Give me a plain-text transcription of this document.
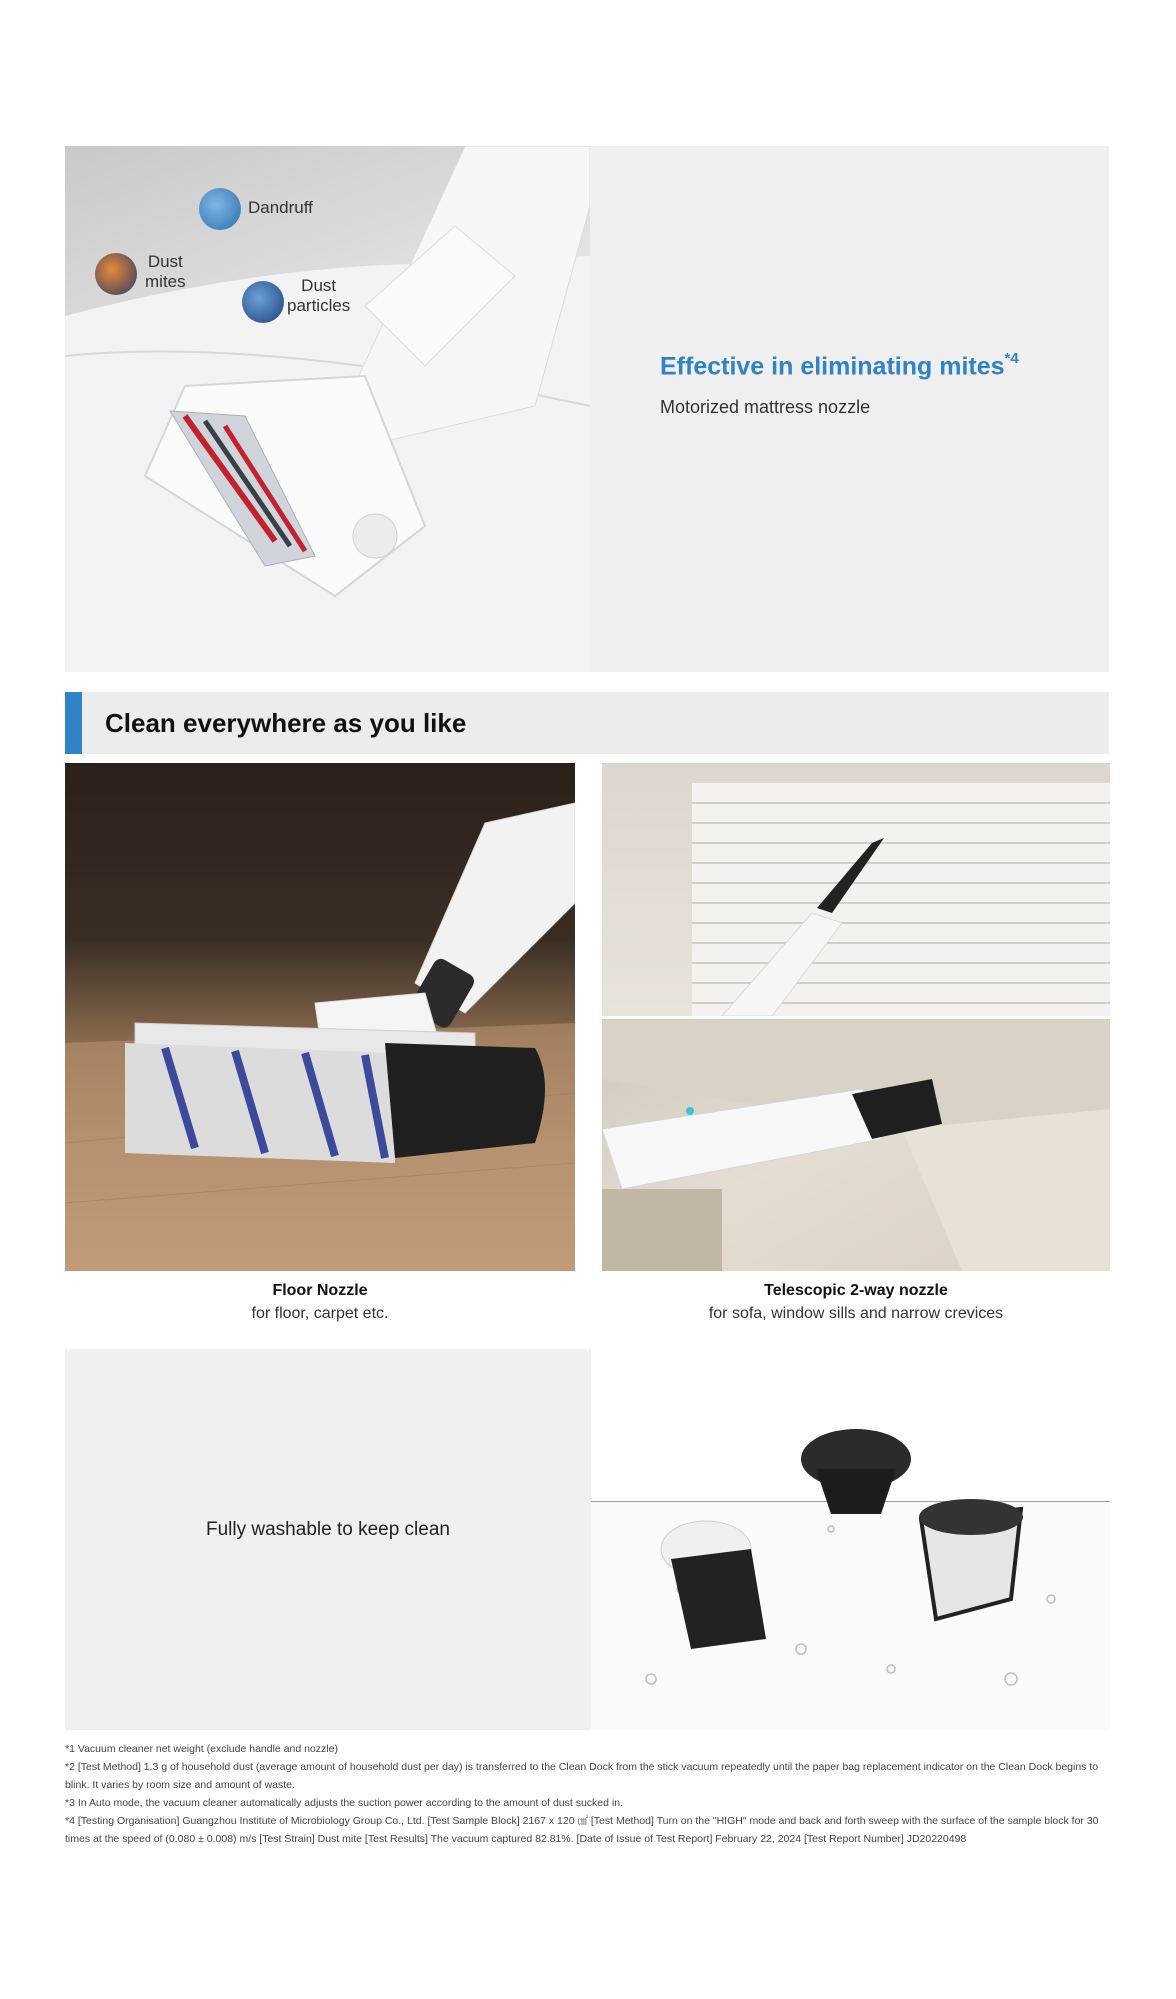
Dandruff
Dust
mites	Dust
particles
Effective in eliminating mites$^{*4}$
Motorized mattress nozzle
Clean everywhere as you like
Floor Nozzle
for floor, carpet etc.
Telescopic 2-way nozzle
for sofa, window sills and narrow crevices
Fully washable to keep clean

*1 Vacuum cleaner net weight (exclude handle and nozzle)

*2 [Test Method] 1.3 g of household dust (average amount of household dust per day) is transferred to the Clean Dock from the stick vacuum repeatedly until the paper bag replacement indicator on the Clean Dock begins to blink. It varies by room size and amount of waste.

*3 In Auto mode, the vacuum cleaner automatically adjusts the suction power according to the amount of dust sucked in.

*4 [Testing Organisation] Guangzhou Institute of Microbiology Group Co., Ltd. [Test Sample Block] 2167 x 120 ㎠ [Test Method] Turn on the "HIGH" mode and back and forth sweep with the surface of the sample block for 30 times at the speed of (0.080 ± 0.008) m/s [Test Strain] Dust mite [Test Results] The vacuum captured 82.81%. [Date of Issue of Test Report] February 22, 2024 [Test Report Number] JD20220498
